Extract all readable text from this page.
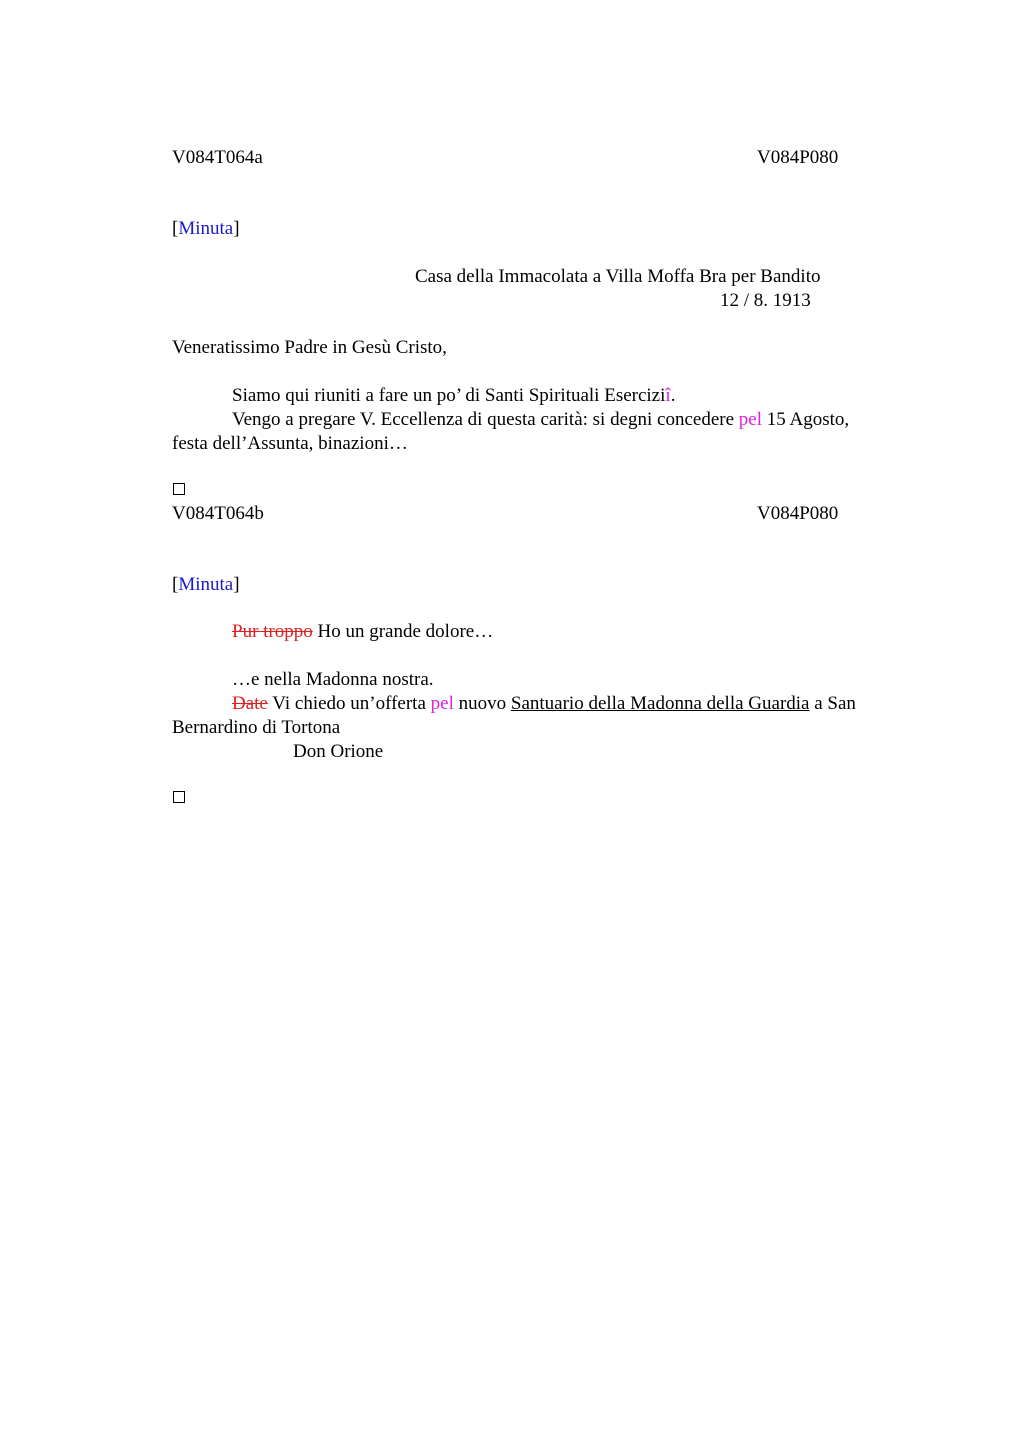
V084T064a	V084P080
[Minuta]
Casa della Immacolata a Villa Moffa Bra per Bandito
12 / 8. 1913
Veneratissimo Padre in Gesù Cristo,
Siamo qui riuniti a fare un po’ di Santi Spirituali Eserciziî.
Vengo a pregare V. Eccellenza di questa carità: si degni concedere pel 15 Agosto,
festa dell’Assunta, binazioni…
V084T064b	V084P080
[Minuta]
Pur troppo Ho un grande dolore…
…e nella Madonna nostra.
Date Vi chiedo un’offerta pel nuovo Santuario della Madonna della Guardia a San
Bernardino di Tortona
Don Orione
